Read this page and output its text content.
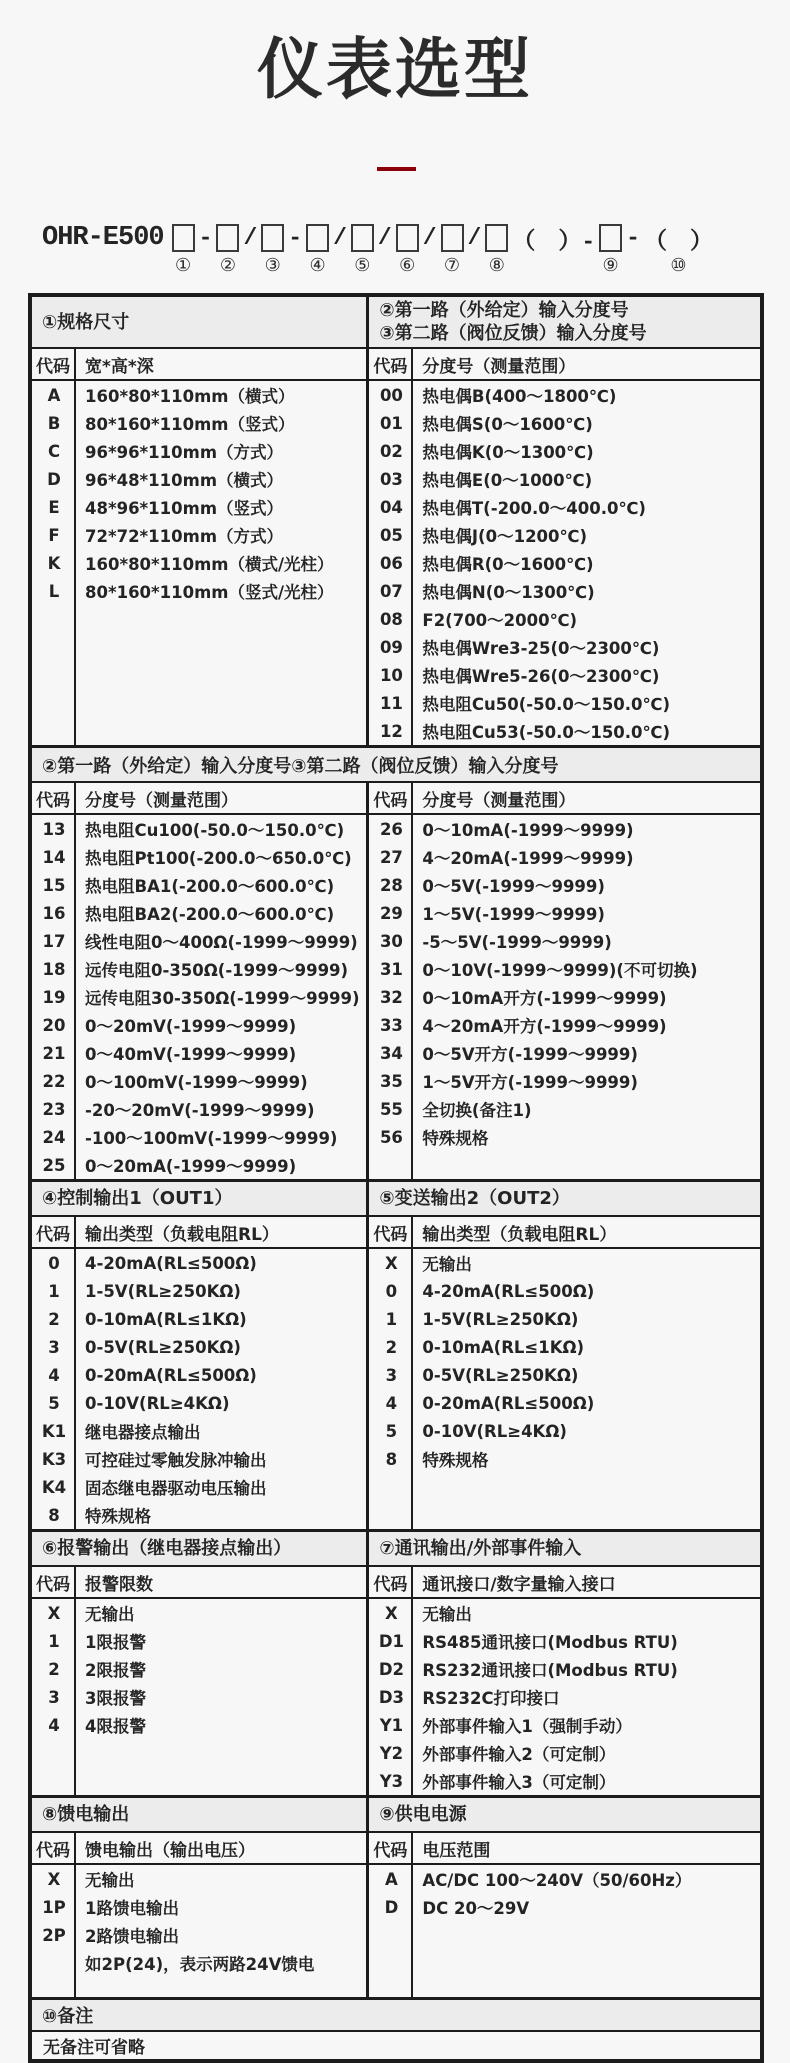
仪表选型
OHR-E500
①
-
②
/
③
-
④
/
⑤
/
⑥
/
⑦
/
⑧
（　）-
⑨
- （　）
⑩
①规格尺寸
代码 宽*高*深
A	160*80*110mm（横式）
B	80*160*110mm（竖式）
C	96*96*110mm（方式）
D	96*48*110mm（横式）
E	48*96*110mm（竖式）
F	72*72*110mm（方式）
K	160*80*110mm（横式/光柱）
L	80*160*110mm（竖式/光柱）
②第一路（外给定）输入分度号
③第二路（阀位反馈）输入分度号
代码 分度号（测量范围）
00	热电偶B(400～1800℃)
01	热电偶S(0～1600℃)
02	热电偶K(0～1300℃)
03	热电偶E(0～1000℃)
04	热电偶T(-200.0～400.0℃)
05	热电偶J(0～1200℃)
06	热电偶R(0～1600℃)
07	热电偶N(0～1300℃)
08	F2(700～2000℃)
09	热电偶Wre3-25(0～2300℃)
10	热电偶Wre5-26(0～2300℃)
11	热电阻Cu50(-50.0～150.0℃)
12	热电阻Cu53(-50.0～150.0℃)
②第一路（外给定）输入分度号③第二路（阀位反馈）输入分度号
代码 分度号（测量范围）
13	热电阻Cu100(-50.0～150.0℃)
14	热电阻Pt100(-200.0～650.0℃)
15	热电阻BA1(-200.0～600.0℃)
16	热电阻BA2(-200.0～600.0℃)
17	线性电阻0～400Ω(-1999～9999)
18	远传电阻0-350Ω(-1999～9999)
19	远传电阻30-350Ω(-1999～9999)
20	0～20mV(-1999～9999)
21	0～40mV(-1999～9999)
22	0～100mV(-1999～9999)
23	-20～20mV(-1999～9999)
24	-100～100mV(-1999～9999)
25	0～20mA(-1999～9999)
代码 分度号（测量范围）
26	0～10mA(-1999～9999)
27	4～20mA(-1999～9999)
28	0～5V(-1999～9999)
29	1～5V(-1999～9999)
30	-5～5V(-1999～9999)
31	0～10V(-1999～9999)(不可切换)
32	0～10mA开方(-1999～9999)
33	4～20mA开方(-1999～9999)
34	0～5V开方(-1999～9999)
35	1～5V开方(-1999～9999)
55	全切换(备注1)
56	特殊规格
④控制输出1（OUT1）
代码 输出类型（负载电阻RL）
0	4-20mA(RL≤500Ω)
1	1-5V(RL≥250KΩ)
2	0-10mA(RL≤1KΩ)
3	0-5V(RL≥250KΩ)
4	0-20mA(RL≤500Ω)
5	0-10V(RL≥4KΩ)
K1	继电器接点输出
K3	可控硅过零触发脉冲输出
K4	固态继电器驱动电压输出
8	特殊规格
⑤变送输出2（OUT2）
代码 输出类型（负载电阻RL）
X	无输出
0	4-20mA(RL≤500Ω)
1	1-5V(RL≥250KΩ)
2	0-10mA(RL≤1KΩ)
3	0-5V(RL≥250KΩ)
4	0-20mA(RL≤500Ω)
5	0-10V(RL≥4KΩ)
8	特殊规格
⑥报警输出（继电器接点输出）
代码 报警限数
X	无输出
1	1限报警
2	2限报警
3	3限报警
4	4限报警
⑦通讯输出/外部事件输入
代码 通讯接口/数字量输入接口
X	无输出
D1	RS485通讯接口(Modbus RTU)
D2	RS232通讯接口(Modbus RTU)
D3	RS232C打印接口
Y1	外部事件输入1（强制手动）
Y2	外部事件输入2（可定制）
Y3	外部事件输入3（可定制）
⑧馈电输出
代码 馈电输出（输出电压）
X	无输出
1P	1路馈电输出
2P	2路馈电输出
如2P(24)，表示两路24V馈电
⑨供电电源
代码 电压范围
A	AC/DC 100～240V（50/60Hz）
D	DC 20～29V
⑩备注
无备注可省略
